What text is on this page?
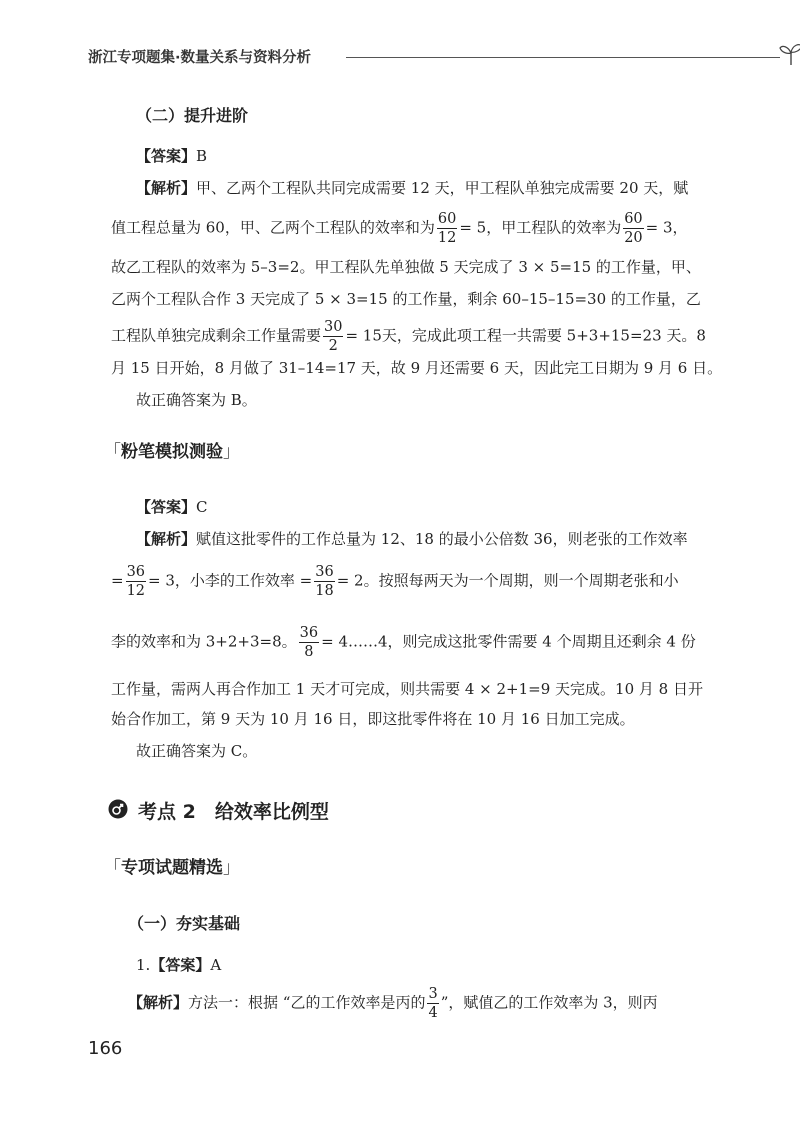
浙江专项题集·数量关系与资料分析
（二）提升进阶
【答案】B
【解析】甲、乙两个工程队共同完成需要 12 天，甲工程队单独完成需要 20 天，赋
值工程总量为 60，甲、乙两个工程队的效率和为 $\frac{60}{12} = 5$，甲工程队的效率为 $\frac{60}{20} = 3$，
故乙工程队的效率为 5–3=2。甲工程队先单独做 5 天完成了 3 × 5=15 的工作量，甲、
乙两个工程队合作 3 天完成了 5 × 3=15 的工作量，剩余 60–15–15=30 的工作量，乙
工程队单独完成剩余工作量需要 $\frac{30}{2} = 15$天，完成此项工程一共需要 5+3+15=23 天。8
月 15 日开始，8 月做了 31–14=17 天，故 9 月还需要 6 天，因此完工日期为 9 月 6 日。
故正确答案为 B。
「粉笔模拟测验」
【答案】C
【解析】赋值这批零件的工作总量为 12、18 的最小公倍数 36，则老张的工作效率
= $\frac{36}{12} = 3$，小李的工作效率 = $\frac{36}{18} = 2$。按照每两天为一个周期，则一个周期老张和小
李的效率和为 3+2+3=8。 $\frac{36}{8}$ = 4……4，则完成这批零件需要 4 个周期且还剩余 4 份
工作量，需两人再合作加工 1 天才可完成，则共需要 4 × 2+1=9 天完成。10 月 8 日开
始合作加工，第 9 天为 10 月 16 日，即这批零件将在 10 月 16 日加工完成。
故正确答案为 C。
考点 2　给效率比例型
「专项试题精选」
（一）夯实基础
1.【答案】A
【解析】方法一：根据 “乙的工作效率是丙的 $\frac{3}{4}$ ”，赋值乙的工作效率为 3，则丙
166
